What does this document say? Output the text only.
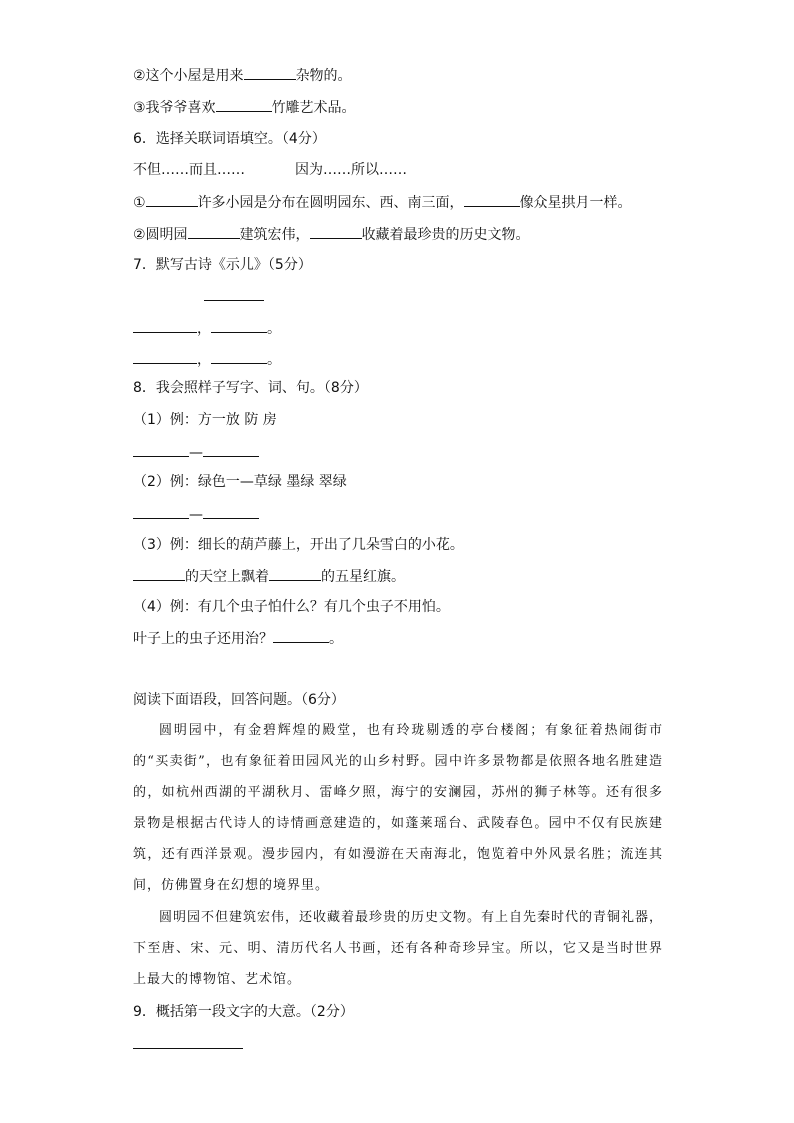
②这个小屋是用来	杂物的。
③我爷爷喜欢	竹雕艺术品。
6．选择关联词语填空。（4分）
不但……而且……	因为……所以……
①	许多小园是分布在圆明园东、西、南三面，	像众星拱月一样。
②圆明园	建筑宏伟，	收藏着最珍贵的历史文物。
7．默写古诗《示儿》（5分）
，	。
，	。
8．我会照样子写字、词、句。（8分）
（1）例：方一放 防 房
—
（2）例：绿色一—草绿 墨绿 翠绿
—
（3）例：细长的葫芦藤上，开出了几朵雪白的小花。
的天空上飘着	的五星红旗。
（4）例：有几个虫子怕什么？有几个虫子不用怕。
叶子上的虫子还用治？	。
阅读下面语段，回答问题。（6分）
圆明园中，有金碧辉煌的殿堂，也有玲珑剔透的亭台楼阁；有象征着热闹街市的“买卖街”，也有象征着田园风光的山乡村野。园中许多景物都是依照各地名胜建造的，如杭州西湖的平湖秋月、雷峰夕照，海宁的安澜园，苏州的狮子林等。还有很多景物是根据古代诗人的诗情画意建造的，如蓬莱瑶台、武陵春色。园中不仅有民族建筑，还有西洋景观。漫步园内，有如漫游在天南海北，饱览着中外风景名胜；流连其间，仿佛置身在幻想的境界里。
圆明园不但建筑宏伟，还收藏着最珍贵的历史文物。有上自先秦时代的青铜礼器，下至唐、宋、元、明、清历代名人书画，还有各种奇珍异宝。所以，它又是当时世界上最大的博物馆、艺术馆。
9．概括第一段文字的大意。（2分）
